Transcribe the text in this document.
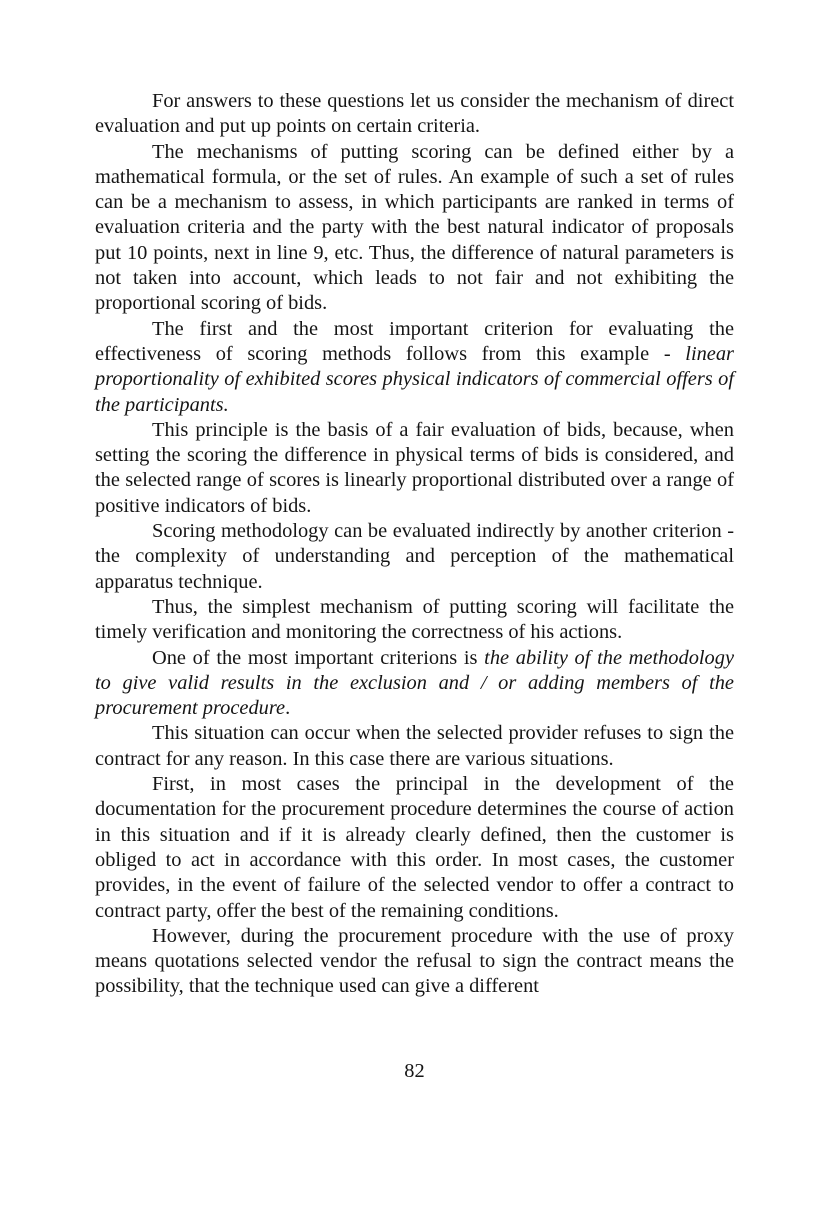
For answers to these questions let us consider the mechanism of direct evaluation and put up points on certain criteria.

The mechanisms of putting scoring can be defined either by a mathematical formula, or the set of rules. An example of such a set of rules can be a mechanism to assess, in which participants are ranked in terms of evaluation criteria and the party with the best natural indicator of proposals put 10 points, next in line 9, etc. Thus, the difference of natural parameters is not taken into account, which leads to not fair and not exhibiting the proportional scoring of bids.

The first and the most important criterion for evaluating the effectiveness of scoring methods follows from this example - linear proportionality of exhibited scores physical indicators of commercial offers of the participants.

This principle is the basis of a fair evaluation of bids, because, when setting the scoring the difference in physical terms of bids is considered, and the selected range of scores is linearly proportional distributed over a range of positive indicators of bids.

Scoring methodology can be evaluated indirectly by another criterion - the complexity of understanding and perception of the mathematical apparatus technique.

Thus, the simplest mechanism of putting scoring will facilitate the timely verification and monitoring the correctness of his actions.

One of the most important criterions is the ability of the methodology to give valid results in the exclusion and / or adding members of the procurement procedure.

This situation can occur when the selected provider refuses to sign the contract for any reason. In this case there are various situations.

First, in most cases the principal in the development of the documentation for the procurement procedure determines the course of action in this situation and if it is already clearly defined, then the customer is obliged to act in accordance with this order. In most cases, the customer provides, in the event of failure of the selected vendor to offer a contract to contract party, offer the best of the remaining conditions.

However, during the procurement procedure with the use of proxy means quotations selected vendor the refusal to sign the contract means the possibility, that the technique used can give a different

82
